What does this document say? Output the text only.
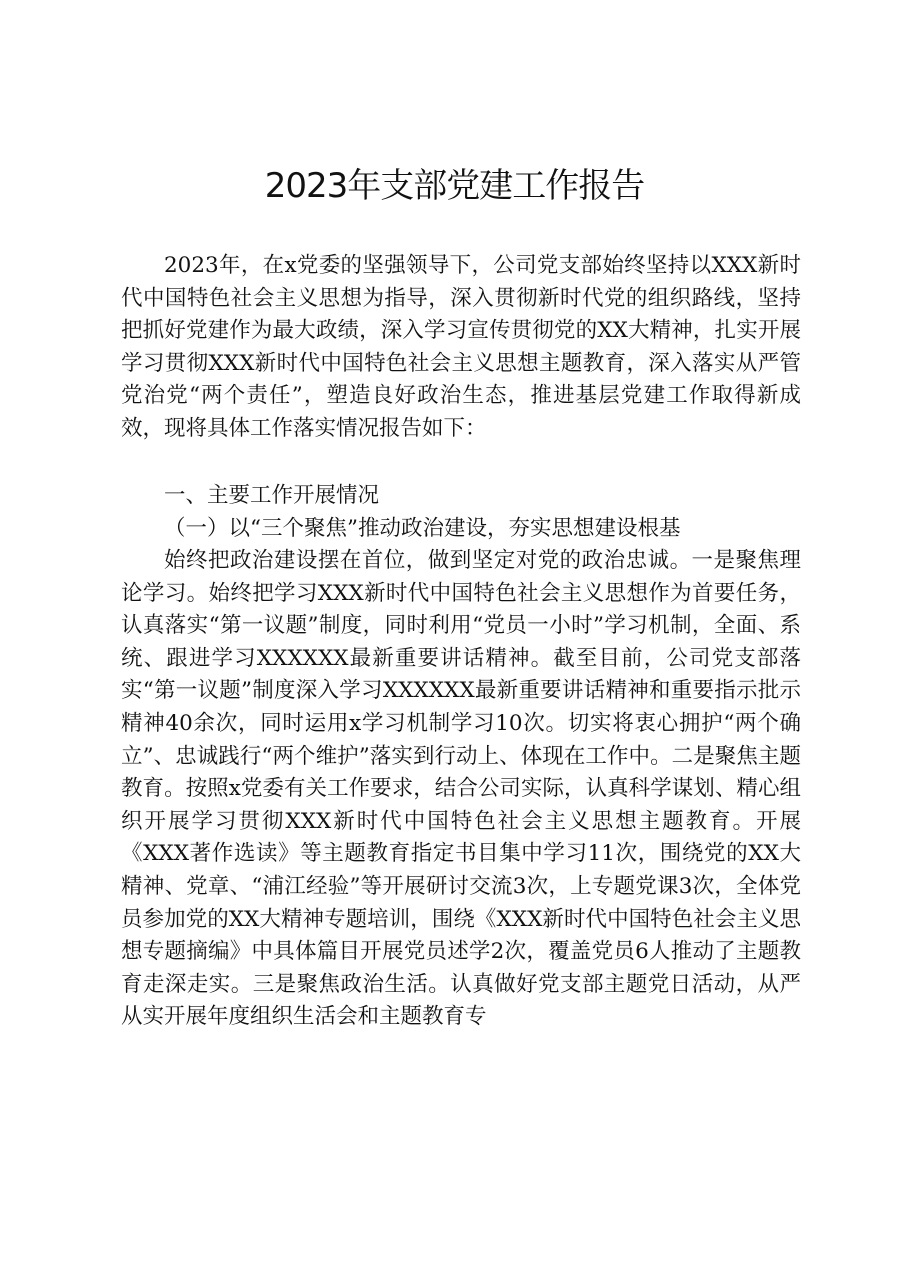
2023年支部党建工作报告

2023年，在x党委的坚强领导下，公司党支部始终坚持以XXX新时代中国特色社会主义思想为指导，深入贯彻新时代党的组织路线，坚持把抓好党建作为最大政绩，深入学习宣传贯彻党的XX大精神，扎实开展学习贯彻XXX新时代中国特色社会主义思想主题教育，深入落实从严管党治党“两个责任”，塑造良好政治生态，推进基层党建工作取得新成效，现将具体工作落实情况报告如下：

一、主要工作开展情况

（一）以“三个聚焦”推动政治建设，夯实思想建设根基

始终把政治建设摆在首位，做到坚定对党的政治忠诚。一是聚焦理论学习。始终把学习XXX新时代中国特色社会主义思想作为首要任务，认真落实“第一议题”制度，同时利用“党员一小时”学习机制，全面、系统、跟进学习XXXXXX最新重要讲话精神。截至目前，公司党支部落实“第一议题”制度深入学习XXXXXX最新重要讲话精神和重要指示批示精神40余次，同时运用x学习机制学习10次。切实将衷心拥护“两个确立”、忠诚践行“两个维护”落实到行动上、体现在工作中。二是聚焦主题教育。按照x党委有关工作要求，结合公司实际，认真科学谋划、精心组织开展学习贯彻XXX新时代中国特色社会主义思想主题教育。开展《XXX著作选读》等主题教育指定书目集中学习11次，围绕党的XX大精神、党章、“浦江经验”等开展研讨交流3次，上专题党课3次，全体党员参加党的XX大精神专题培训，围绕《XXX新时代中国特色社会主义思想专题摘编》中具体篇目开展党员述学2次，覆盖党员6人推动了主题教育走深走实。三是聚焦政治生活。认真做好党支部主题党日活动，从严从实开展年度组织生活会和主题教育专
